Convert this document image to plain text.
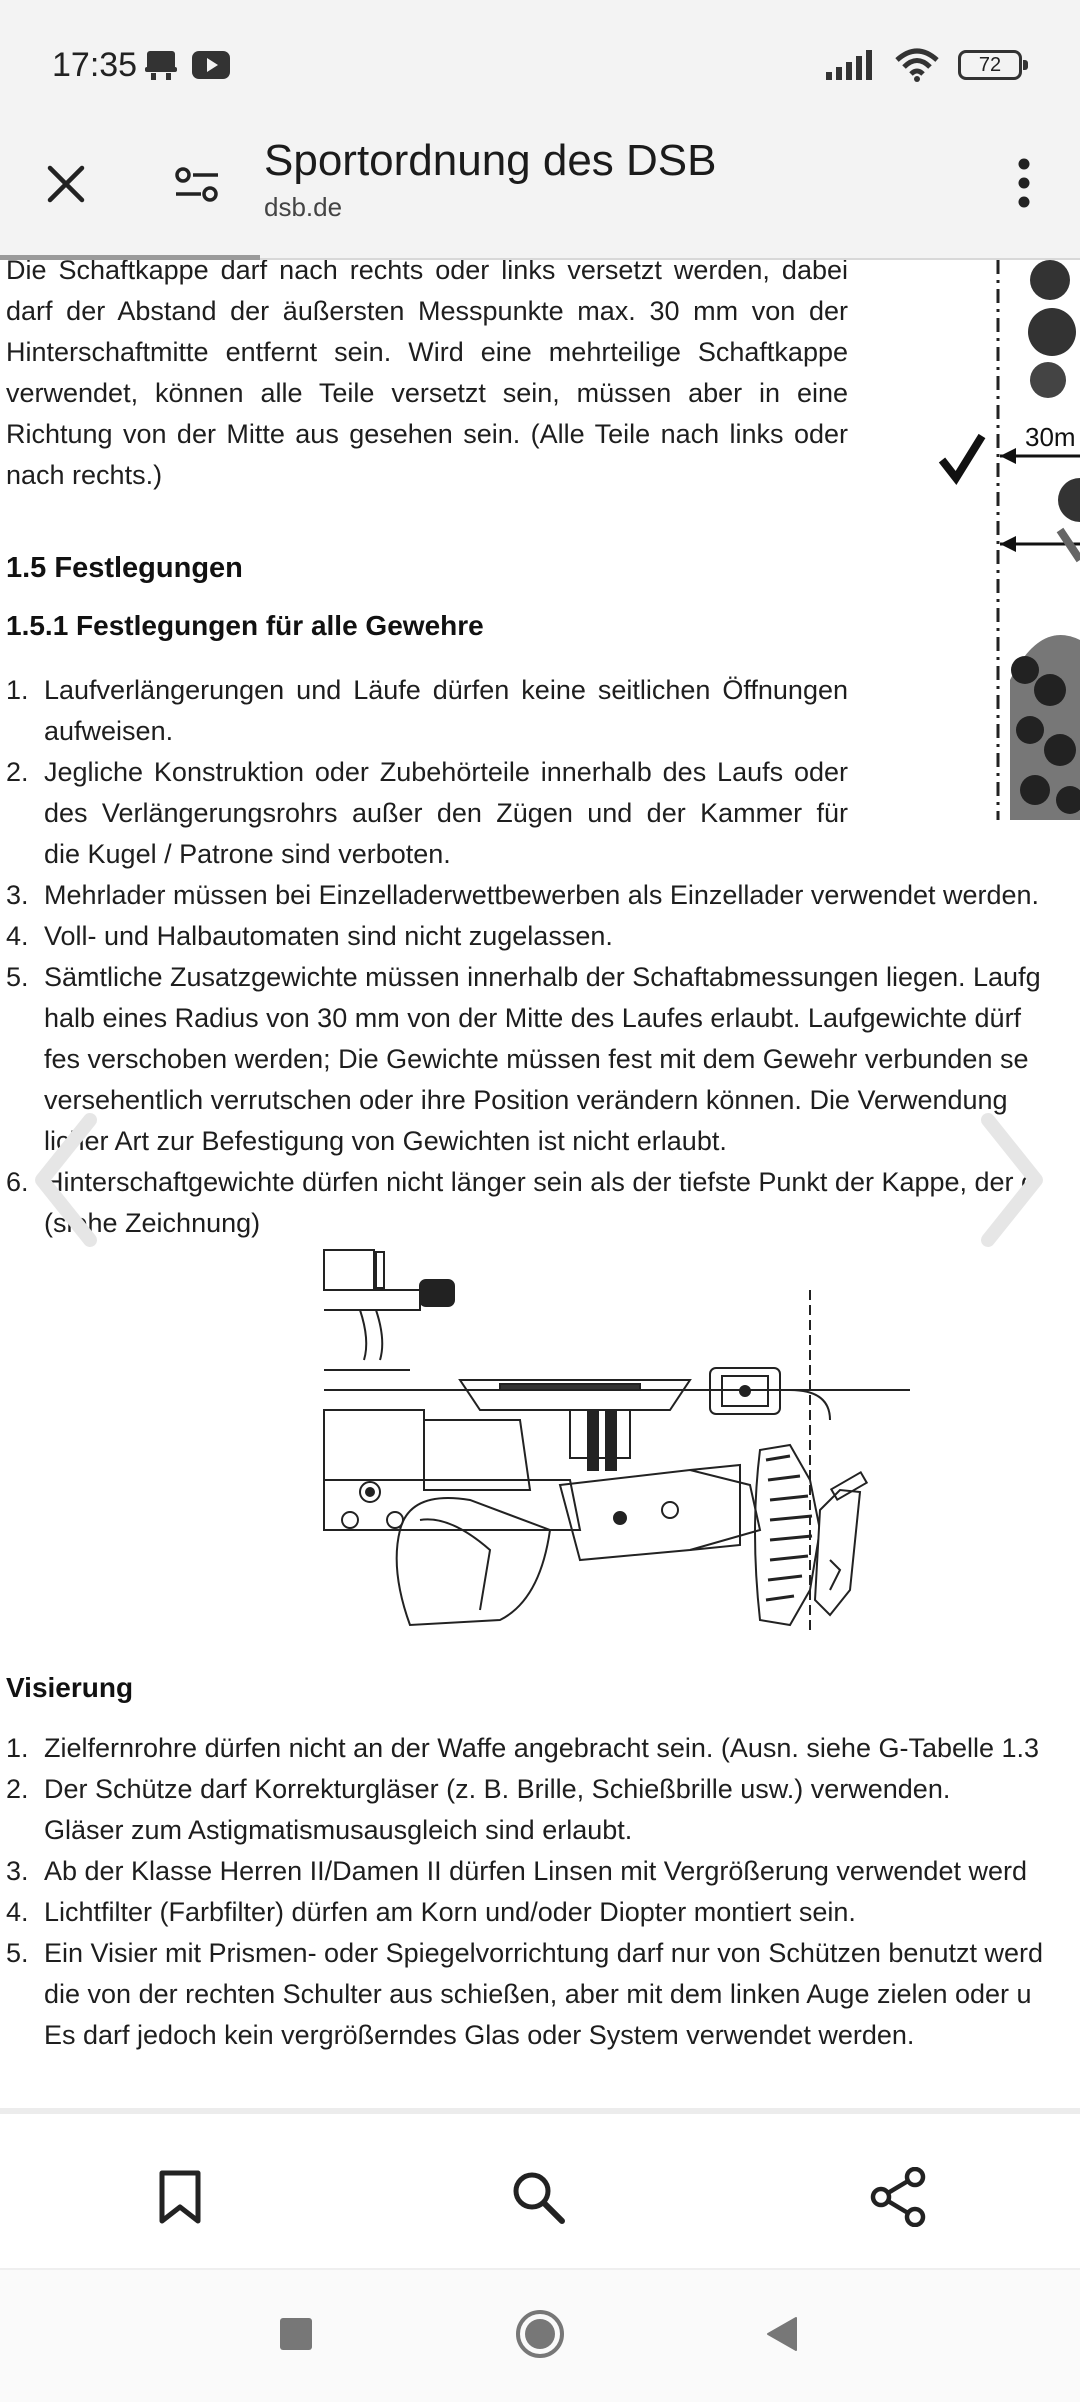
17:35	72
Sportordnung des DSB
dsb.de
Die Schaftkappe darf nach rechts oder links versetzt werden, dabei
darf der Abstand der äußersten Messpunkte max. 30 mm von der
Hinterschaftmitte entfernt sein. Wird eine mehrteilige Schaftkappe
verwendet, können alle Teile versetzt sein, müssen aber in eine
Richtung von der Mitte aus gesehen sein. (Alle Teile nach links oder
nach rechts.)
30m
1.5 Festlegungen
1.5.1 Festlegungen für alle Gewehre
1. Laufverlängerungen und Läufe dürfen keine seitlichen Öffnungen
aufweisen.
2. Jegliche Konstruktion oder Zubehörteile innerhalb des Laufs oder
des Verlängerungsrohrs außer den Zügen und der Kammer für
die Kugel / Patrone sind verboten.
3. Mehrlader müssen bei Einzelladerwettbewerben als Einzellader verwendet werden.
4. Voll- und Halbautomaten sind nicht zugelassen.
5. Sämtliche Zusatzgewichte müssen innerhalb der Schaftabmessungen liegen. Laufg
halb eines Radius von 30 mm von der Mitte des Laufes erlaubt. Laufgewichte dürf
fes verschoben werden; Die Gewichte müssen fest mit dem Gewehr verbunden se
versehentlich verrutschen oder ihre Position verändern können. Die Verwendung
licher Art zur Befestigung von Gewichten ist nicht erlaubt.
6. Hinterschaftgewichte dürfen nicht länger sein als der tiefste Punkt der Kappe, der d
(siehe Zeichnung)
Visierung
1. Zielfernrohre dürfen nicht an der Waffe angebracht sein. (Ausn. siehe G-Tabelle 1.3
2. Der Schütze darf Korrekturgläser (z. B. Brille, Schießbrille usw.) verwenden.
Gläser zum Astigmatismusausgleich sind erlaubt.
3. Ab der Klasse Herren II/Damen II dürfen Linsen mit Vergrößerung verwendet werd
4. Lichtfilter (Farbfilter) dürfen am Korn und/oder Diopter montiert sein.
5. Ein Visier mit Prismen- oder Spiegelvorrichtung darf nur von Schützen benutzt werd
die von der rechten Schulter aus schießen, aber mit dem linken Auge zielen oder u
Es darf jedoch kein vergrößerndes Glas oder System verwendet werden.
